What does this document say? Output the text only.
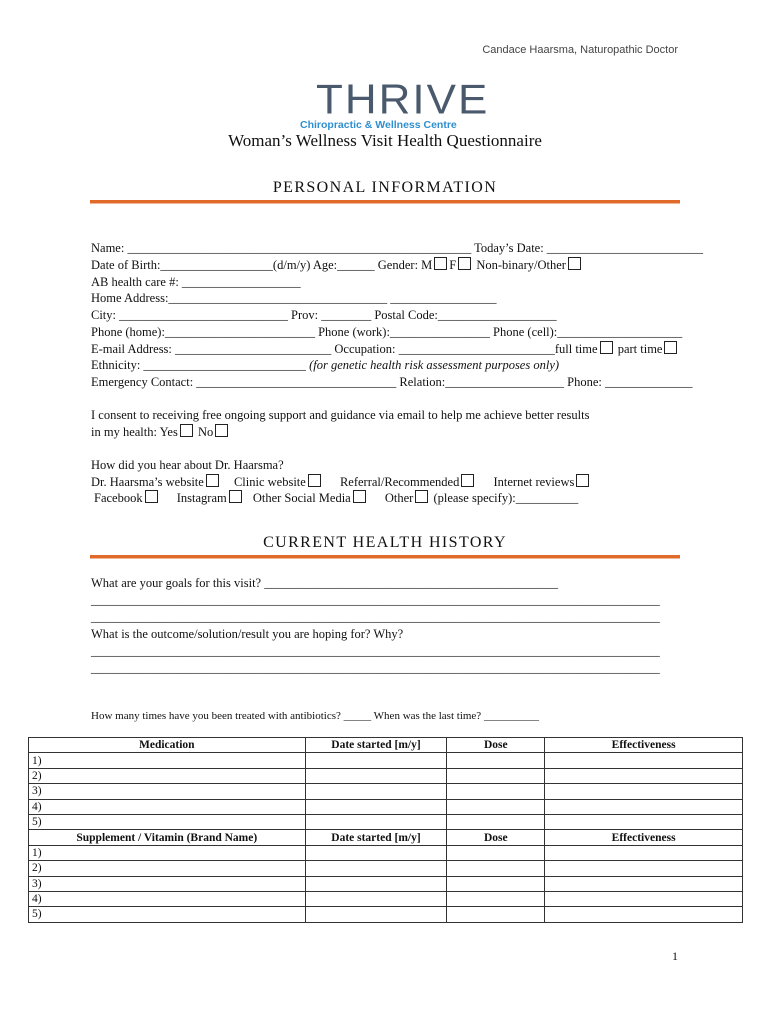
Candace Haarsma, Naturopathic Doctor
THRIVE
Chiropractic & Wellness Centre
Woman’s Wellness Visit Health Questionnaire
PERSONAL INFORMATION
Name: _______________________________________________________ Today’s Date: _________________________
Date of Birth:__________________(d/m/y) Age:______ Gender: M F Non-binary/Other
AB health care #: ___________________
Home Address:___________________________________ _________________
City: ___________________________ Prov: ________ Postal Code:___________________
Phone (home):________________________ Phone (work):________________ Phone (cell):____________________
E-mail Address: _________________________ Occupation: _________________________full time part time
Ethnicity: __________________________ (for genetic health risk assessment purposes only)
Emergency Contact: ________________________________ Relation:___________________ Phone: ______________
I consent to receiving free ongoing support and guidance via email to help me achieve better results
in my health: Yes No
How did you hear about Dr. Haarsma?
Dr. Haarsma’s website Clinic website	Referral/Recommended	Internet reviews
Facebook	Instagram Other Social Media	Other (please specify):__________
CURRENT HEALTH HISTORY
What are your goals for this visit? _______________________________________________
___________________________________________________________________________________________
___________________________________________________________________________________________
What is the outcome/solution/result you are hoping for? Why?
___________________________________________________________________________________________
___________________________________________________________________________________________
How many times have you been treated with antibiotics? _____ When was the last time? __________
Medication	Date started [m/y]	Dose	Effectiveness
1)			
2)			
3)			
4)			
5)			
Supplement / Vitamin (Brand Name)	Date started [m/y]	Dose	Effectiveness
1)			
2)			
3)			
4)			
5)			
1
